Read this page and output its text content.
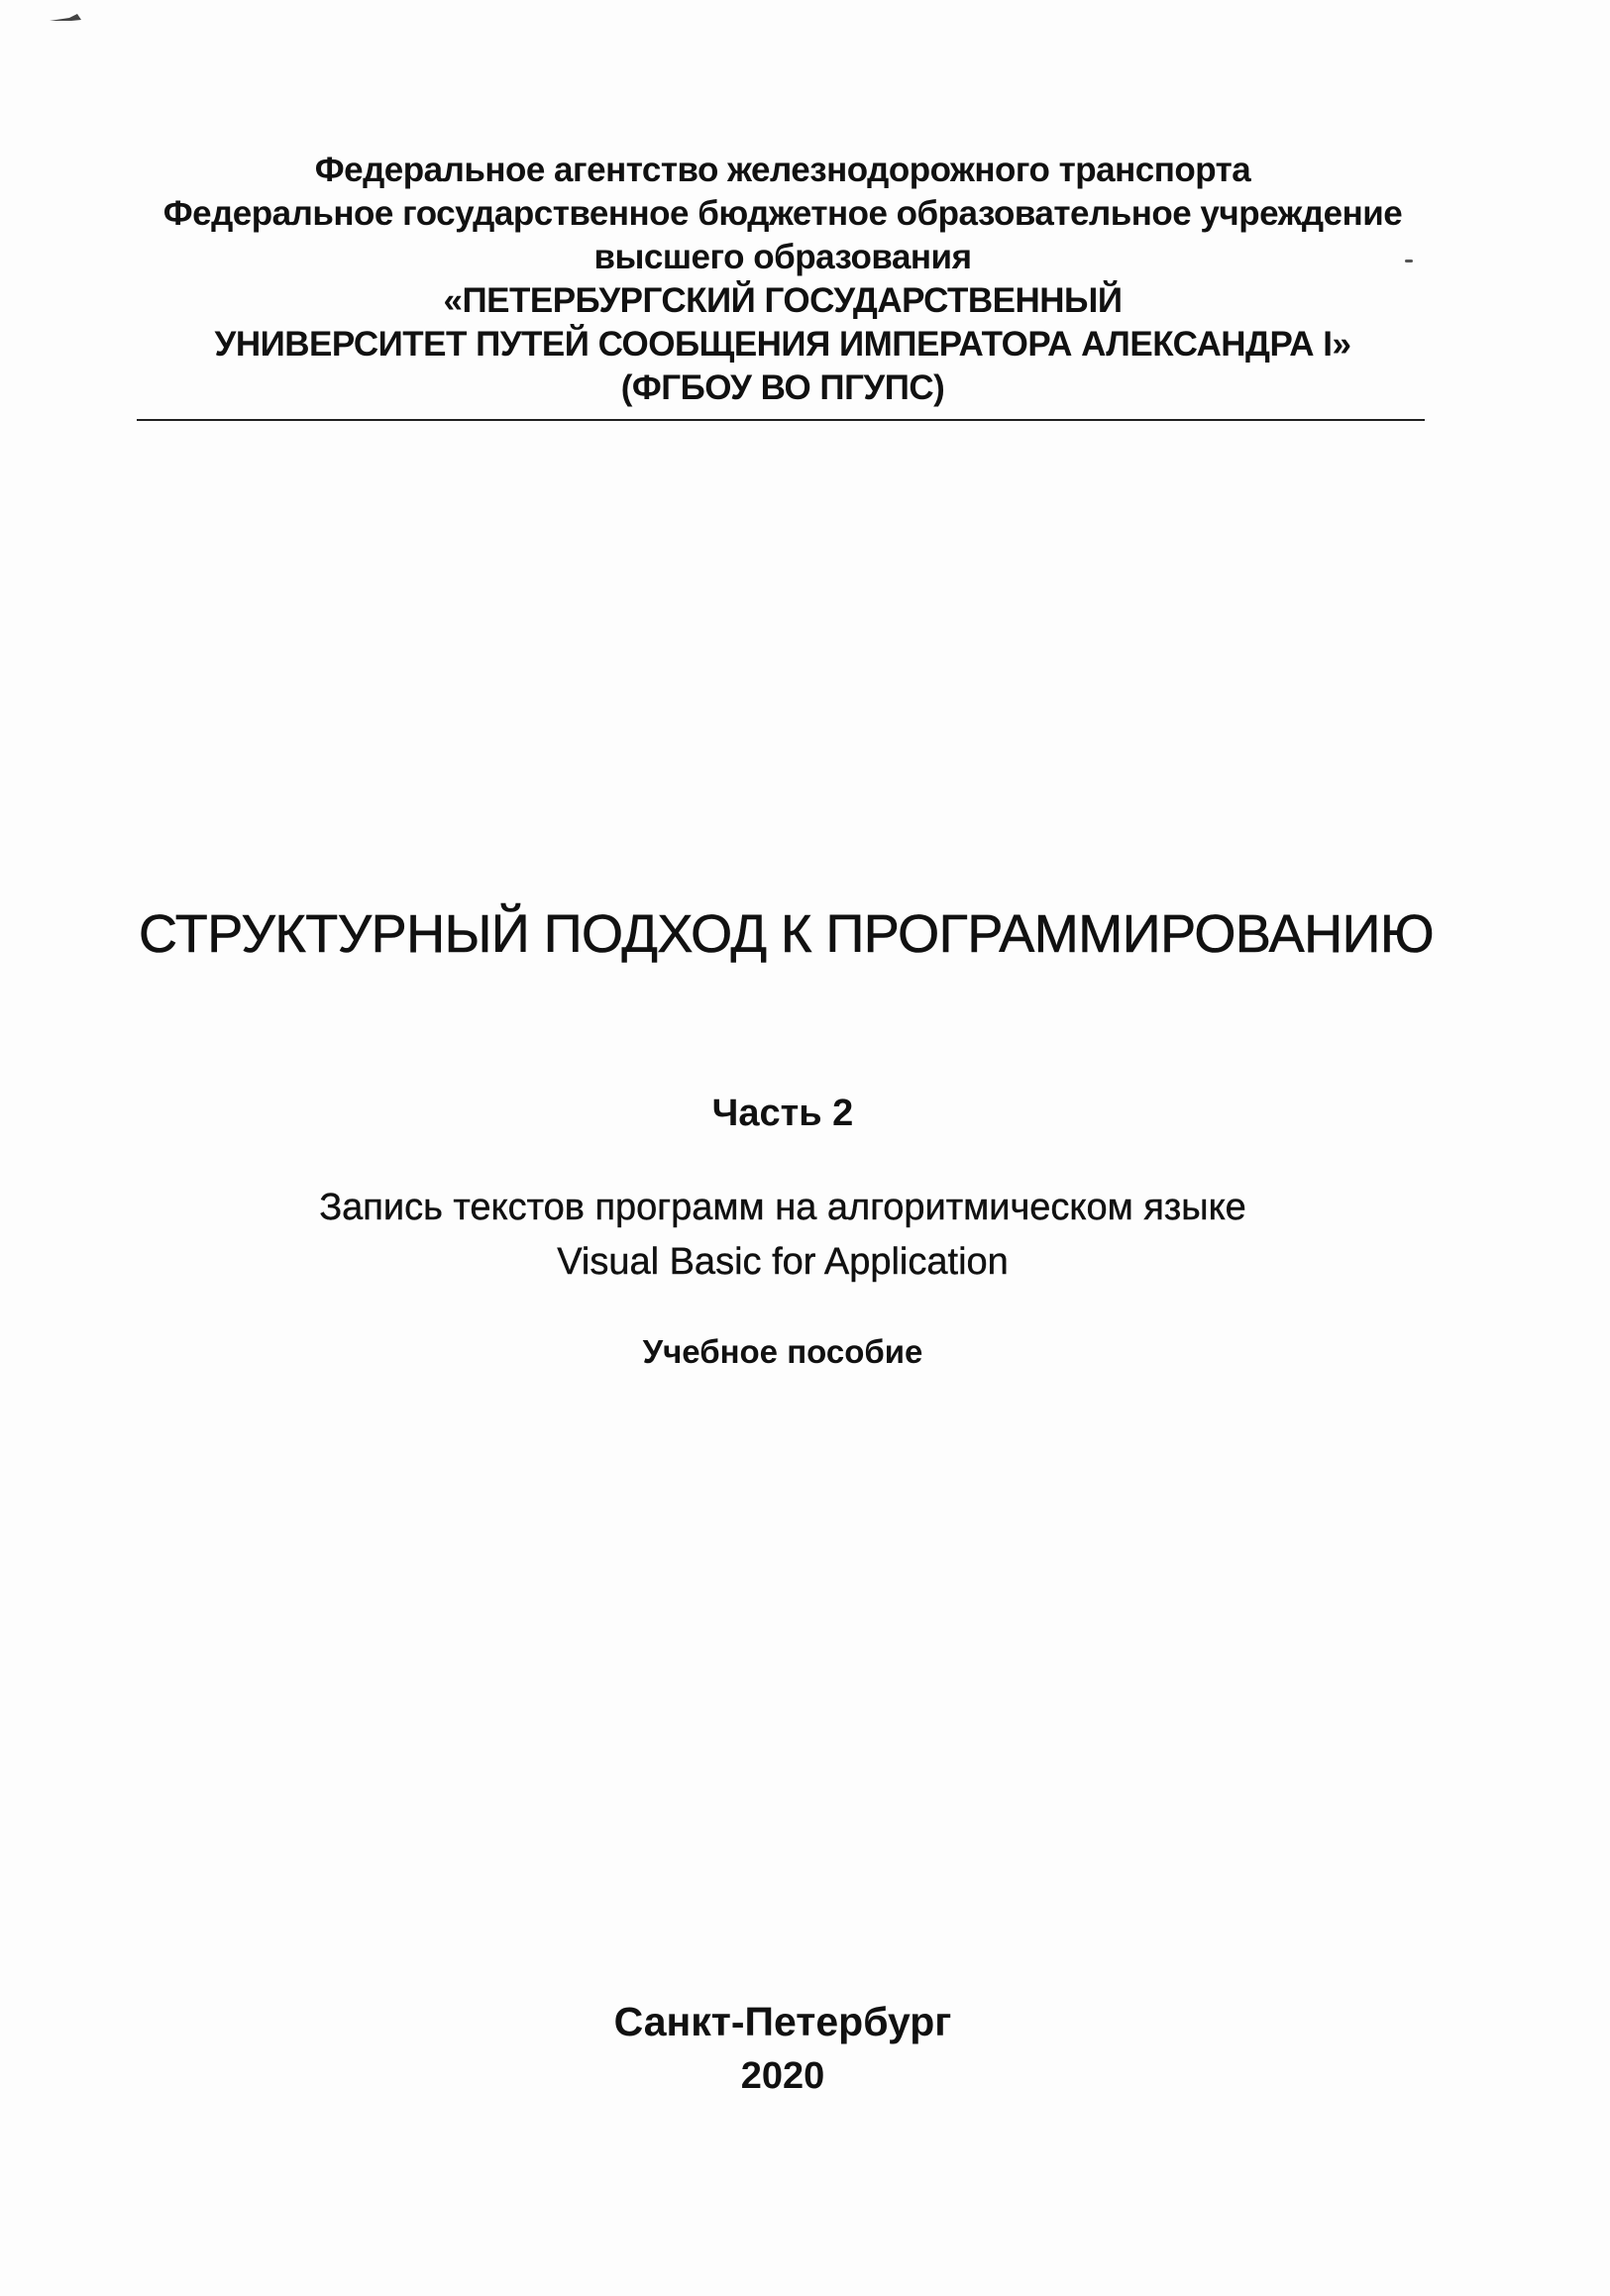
Федеральное агентство железнодорожного транспорта
Федеральное государственное бюджетное образовательное учреждение
высшего образования
«ПЕТЕРБУРГСКИЙ ГОСУДАРСТВЕННЫЙ
УНИВЕРСИТЕТ ПУТЕЙ СООБЩЕНИЯ ИМПЕРАТОРА АЛЕКСАНДРА I»
(ФГБОУ ВО ПГУПС)
СТРУКТУРНЫЙ ПОДХОД К ПРОГРАММИРОВАНИЮ
Часть 2
Запись текстов программ на алгоритмическом языке
Visual Basic for Application
Учебное пособие
Санкт-Петербург
2020
